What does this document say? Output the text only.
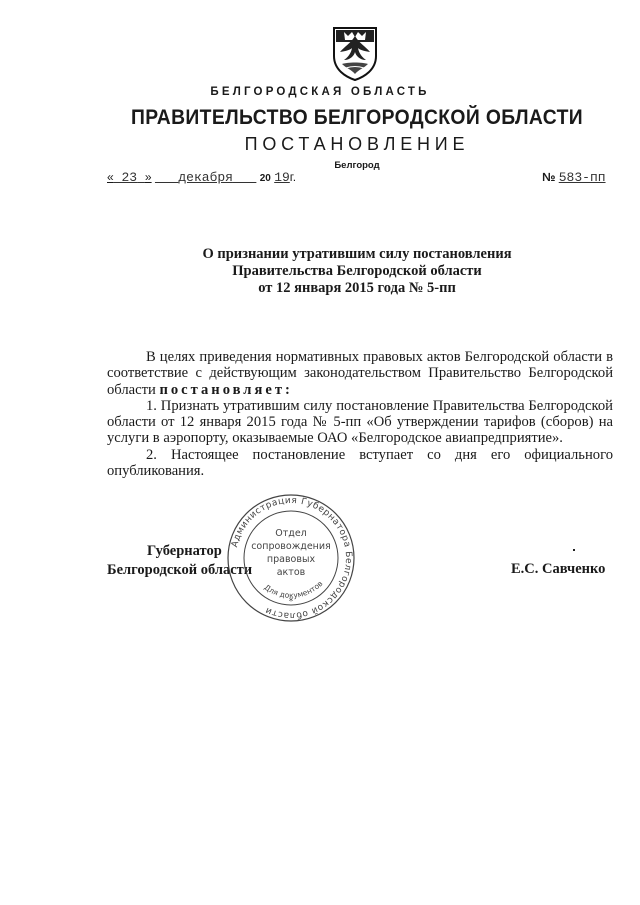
БЕЛГОРОДСКАЯ ОБЛАСТЬ
ПРАВИТЕЛЬСТВО БЕЛГОРОДСКОЙ ОБЛАСТИ
ПОСТАНОВЛЕНИЕ
Белгород
« 23 » декабря	20 19г.	№ 583-пп
О признании утратившим силу постановления
Правительства Белгородской области
от 12 января 2015 года № 5-пп

В целях приведения нормативных правовых актов Белгородской области в соответствие с действующим законодательством Правительство Белгородской области постановляет:

1. Признать утратившим силу постановление Правительства Белгородской области от 12 января 2015 года № 5-пп «Об утверждении тарифов (сборов) на услуги в аэропорту, оказываемые ОАО «Белгородское авиапредприятие».

2. Настоящее постановление вступает со дня его официального опубликования.

Губернатор
Белгородской области
Администрация Губернатора Белгородской области
Для документов
Отдел
сопровождения
правовых
актов
*
Е.С. Савченко
